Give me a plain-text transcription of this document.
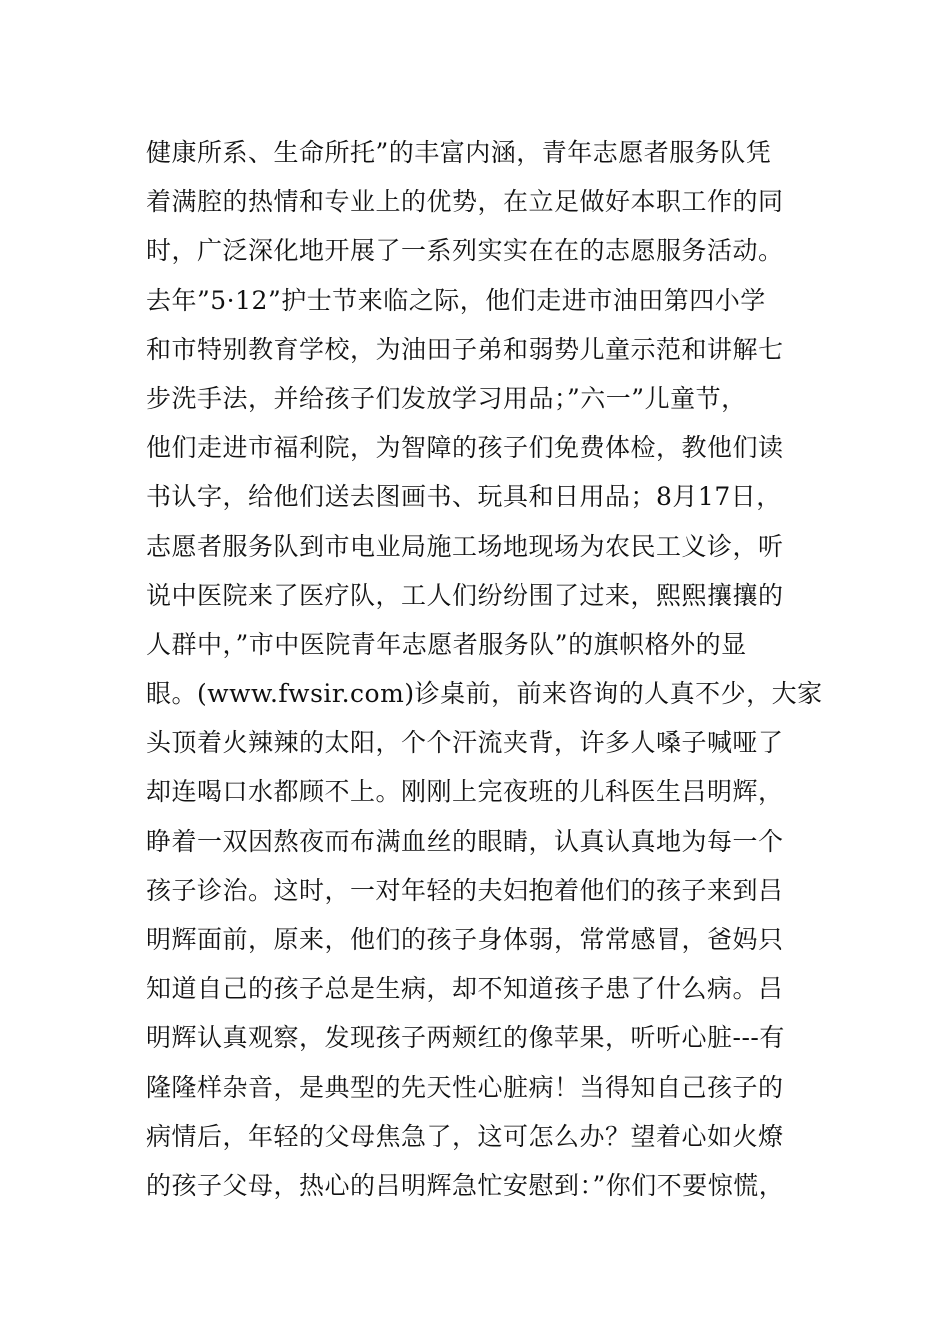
健康所系、生命所托”的丰富内涵，青年志愿者服务队凭
着满腔的热情和专业上的优势，在立足做好本职工作的同
时，广泛深化地开展了一系列实实在在的志愿服务活动。
去年”5·12”护士节来临之际，他们走进市油田第四小学
和市特别教育学校，为油田子弟和弱势儿童示范和讲解七
步洗手法，并给孩子们发放学习用品；”六一”儿童节，
他们走进市福利院，为智障的孩子们免费体检，教他们读
书认字，给他们送去图画书、玩具和日用品；8月17日，
志愿者服务队到市电业局施工场地现场为农民工义诊，听
说中医院来了医疗队，工人们纷纷围了过来，熙熙攘攘的
人群中，”市中医院青年志愿者服务队”的旗帜格外的显
眼。(www.fwsir.com)诊桌前，前来咨询的人真不少，大家
头顶着火辣辣的太阳，个个汗流夹背，许多人嗓子喊哑了
却连喝口水都顾不上。刚刚上完夜班的儿科医生吕明辉，
睁着一双因熬夜而布满血丝的眼睛，认真认真地为每一个
孩子诊治。这时，一对年轻的夫妇抱着他们的孩子来到吕
明辉面前，原来，他们的孩子身体弱，常常感冒，爸妈只
知道自己的孩子总是生病，却不知道孩子患了什么病。吕
明辉认真观察，发现孩子两颊红的像苹果，听听心脏---有
隆隆样杂音，是典型的先天性心脏病！当得知自己孩子的
病情后，年轻的父母焦急了，这可怎么办？望着心如火燎
的孩子父母，热心的吕明辉急忙安慰到：”你们不要惊慌，
